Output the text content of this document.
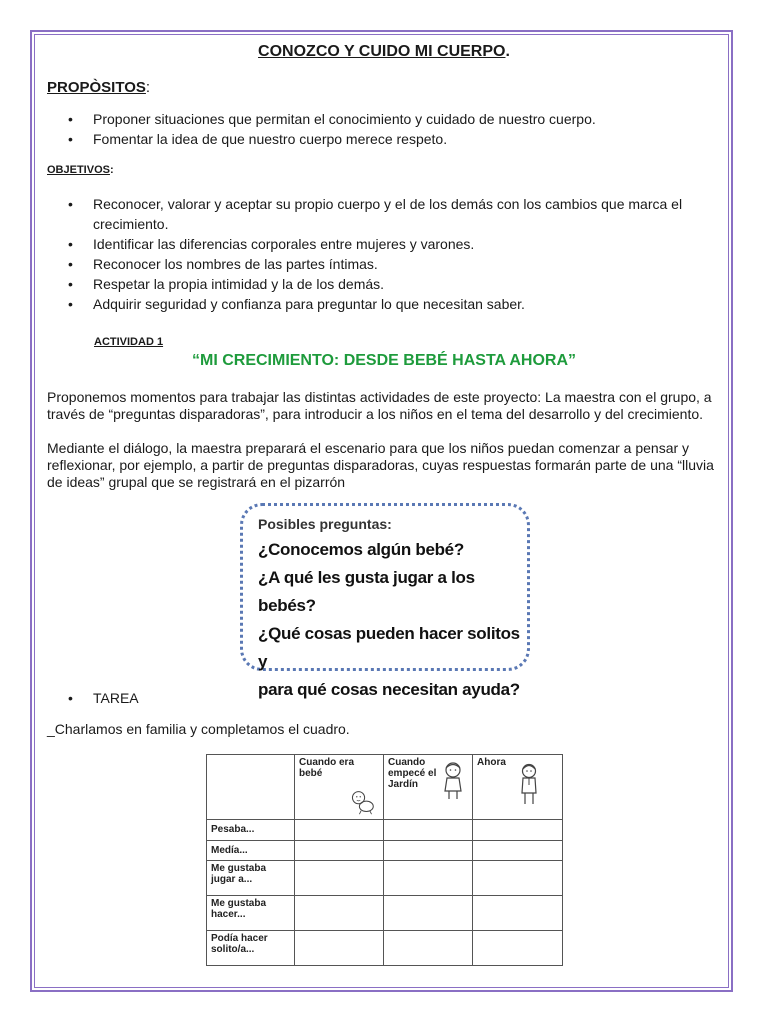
CONOZCO Y CUIDO MI CUERPO.
PROPÒSITOS:
• Proponer situaciones que permitan el conocimiento y cuidado de nuestro cuerpo.
• Fomentar la idea de que nuestro cuerpo merece respeto.
OBJETIVOS:
• Reconocer, valorar y aceptar su propio cuerpo y el de los demás con los cambios que marca el crecimiento.
• Identificar las diferencias corporales entre mujeres y varones.
• Reconocer los nombres de las partes íntimas.
• Respetar la propia intimidad y la de los demás.
• Adquirir seguridad y confianza para preguntar lo que necesitan saber.
ACTIVIDAD 1
“MI CRECIMIENTO: DESDE BEBÉ HASTA AHORA”

Proponemos momentos para trabajar las distintas actividades de este proyecto: La maestra con el grupo, a través de “preguntas disparadoras”, para introducir a los niños en el tema del desarrollo y del crecimiento.

Mediante el diálogo, la maestra preparará el escenario para que los niños puedan comenzar a pensar y reflexionar, por ejemplo, a partir de preguntas disparadoras, cuyas respuestas formarán parte de una “lluvia de ideas” grupal que se registrará en el pizarrón

Posibles preguntas:
¿Conocemos algún bebé?
¿A qué les gusta jugar a los bebés?
¿Qué cosas pueden hacer solitos y
para qué cosas necesitan ayuda?
• TAREA
_Charlamos en familia y completamos el cuadro.

	Cuando era bebé	Cuando empecé el Jardín	Ahora

Pesaba...			
Medía...			
Me gustaba jugar a...			
Me gustaba hacer...			
Podía hacer solito/a...			
